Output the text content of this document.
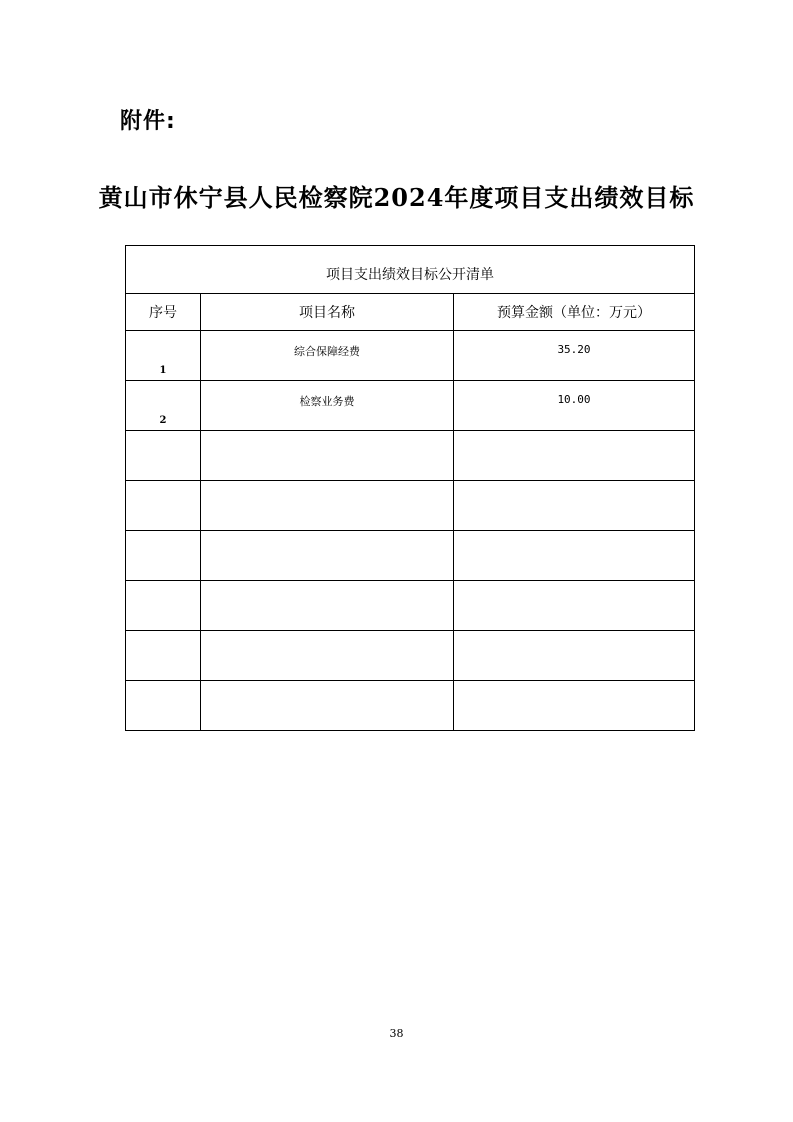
附件:
黄山市休宁县人民检察院2024年度项目支出绩效目标
项目支出绩效目标公开清单		
序号	项目名称	预算金额（单位：万元）
1	综合保障经费	35.20
2	检察业务费	10.00

38
